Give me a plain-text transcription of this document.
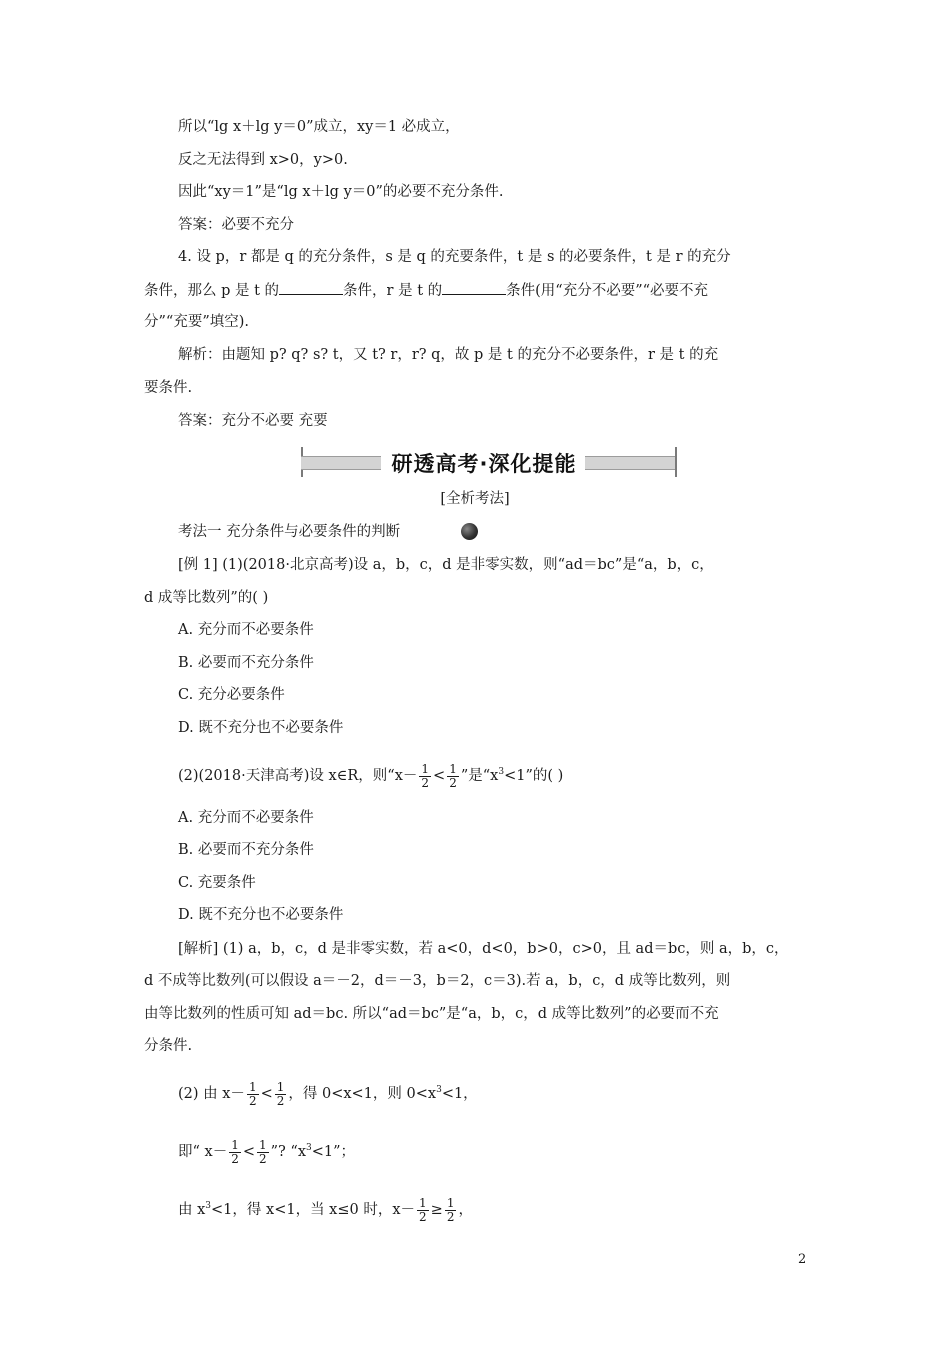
所以“lg x＋lg y＝0”成立，xy＝1 必成立，
反之无法得到 x>0，y>0.
因此“xy＝1”是“lg x＋lg y＝0”的必要不充分条件.
答案：必要不充分
4. 设 p，r 都是 q 的充分条件，s 是 q 的充要条件，t 是 s 的必要条件，t 是 r 的充分
条件，那么 p 是 t 的	条件，r 是 t 的	条件(用“充分不必要”“必要不充
分”“充要”填空).
解析：由题知 p? q? s? t，又 t? r，r? q，故 p 是 t 的充分不必要条件，r 是 t 的充
要条件.
答案：充分不必要 充要
研透高考·深化提能
[全析考法]
考法一 充分条件与必要条件的判断
[例 1] (1)(2018·北京高考)设 a，b，c，d 是非零实数，则“ad＝bc”是“a，b，c，
d 成等比数列”的( )
A. 充分而不必要条件
B. 必要而不充分条件
C. 充分必要条件
D. 既不充分也不必要条件
(2)(2018·天津高考)设 x∈R，则“$x- \frac{1}{2} < \frac{1}{2}$ ”是“$x^3<1$”的( )
A. 充分而不必要条件
B. 必要而不充分条件
C. 充要条件
D. 既不充分也不必要条件
[解析] (1) a，b，c，d 是非零实数，若 a<0，d<0，b>0，c>0，且 ad＝bc，则 a，b，c，
d 不成等比数列(可以假设 a＝－2，d＝－3，b＝2，c＝3).若 a，b，c，d 成等比数列，则
由等比数列的性质可知 ad＝bc. 所以“ad＝bc”是“a，b，c，d 成等比数列”的必要而不充
分条件.
(2) 由 $x- \frac{1}{2} < \frac{1}{2}$ ，得 0<x<1，则 $0<x^3<1$，
即“ $x- \frac{1}{2} < \frac{1}{2}$ ”? “$x^3<1$”；
由 $x^3<1$，得 x<1，当 x≤0 时，$x- \frac{1}{2} \ge \frac{1}{2}$ ，
2
